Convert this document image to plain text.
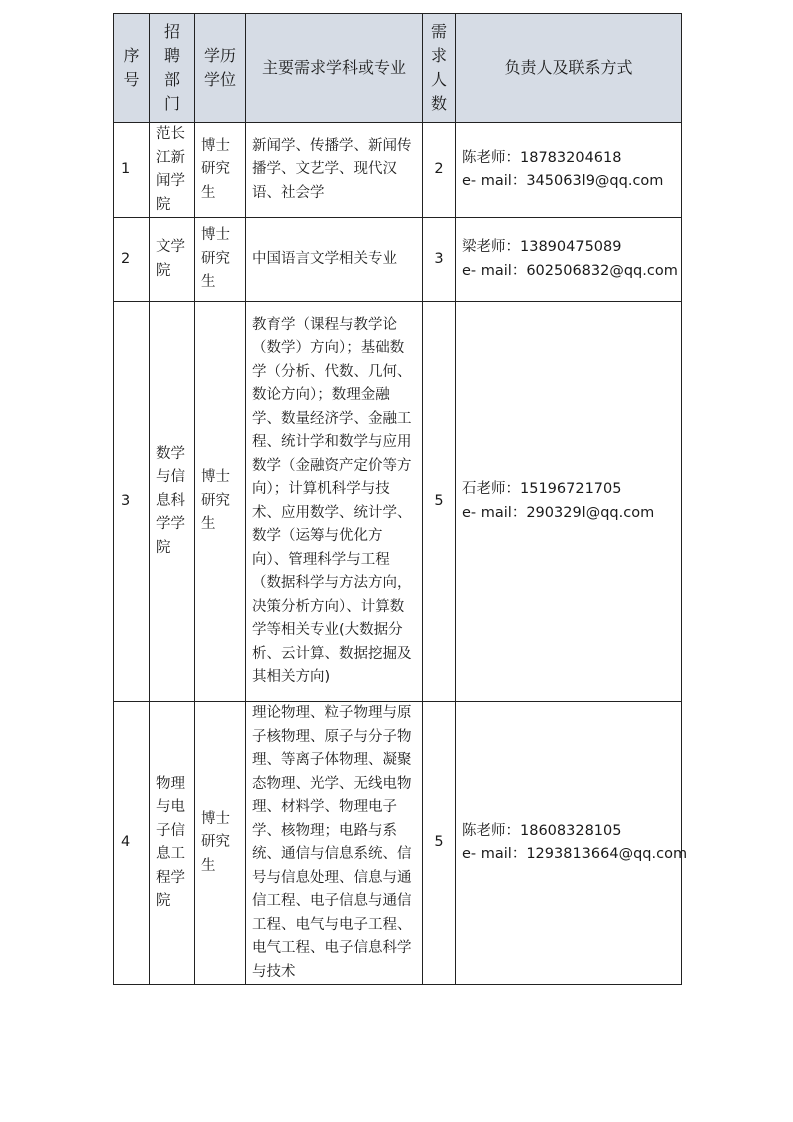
序号	招聘部门	学历学位	主要需求学科或专业	需求人数	负责人及联系方式
1	范长江新闻学院	博士研究生	新闻学、传播学、新闻传播学、文艺学、现代汉语、社会学	2	陈老师：18783204618
e- mail：345063l9@qq.com

2	文学院	博士研究生	中国语言文学相关专业	3	梁老师：13890475089
e- mail：602506832@qq.com

3	数学与信息科学学院	博士研究生	教育学（课程与教学论（数学）方向）；基础数学（分析、代数、几何、数论方向）；数理金融学、数量经济学、金融工程、统计学和数学与应用数学（金融资产定价等方向）；计算机科学与技术、应用数学、统计学、数学（运筹与优化方向）、管理科学与工程（数据科学与方法方向，决策分析方向）、计算数学等相关专业(大数据分析、云计算、数据挖掘及其相关方向)	5	石老师：15196721705
e- mail：290329l@qq.com

4	物理与电子信息工程学院	博士研究生	理论物理、粒子物理与原子核物理、原子与分子物理、等离子体物理、凝聚态物理、光学、无线电物理、材料学、物理电子学、核物理；电路与系统、通信与信息系统、信号与信息处理、信息与通信工程、电子信息与通信工程、电气与电子工程、电气工程、电子信息科学与技术	5	陈老师：18608328105
e- mail：1293813664@qq.com
